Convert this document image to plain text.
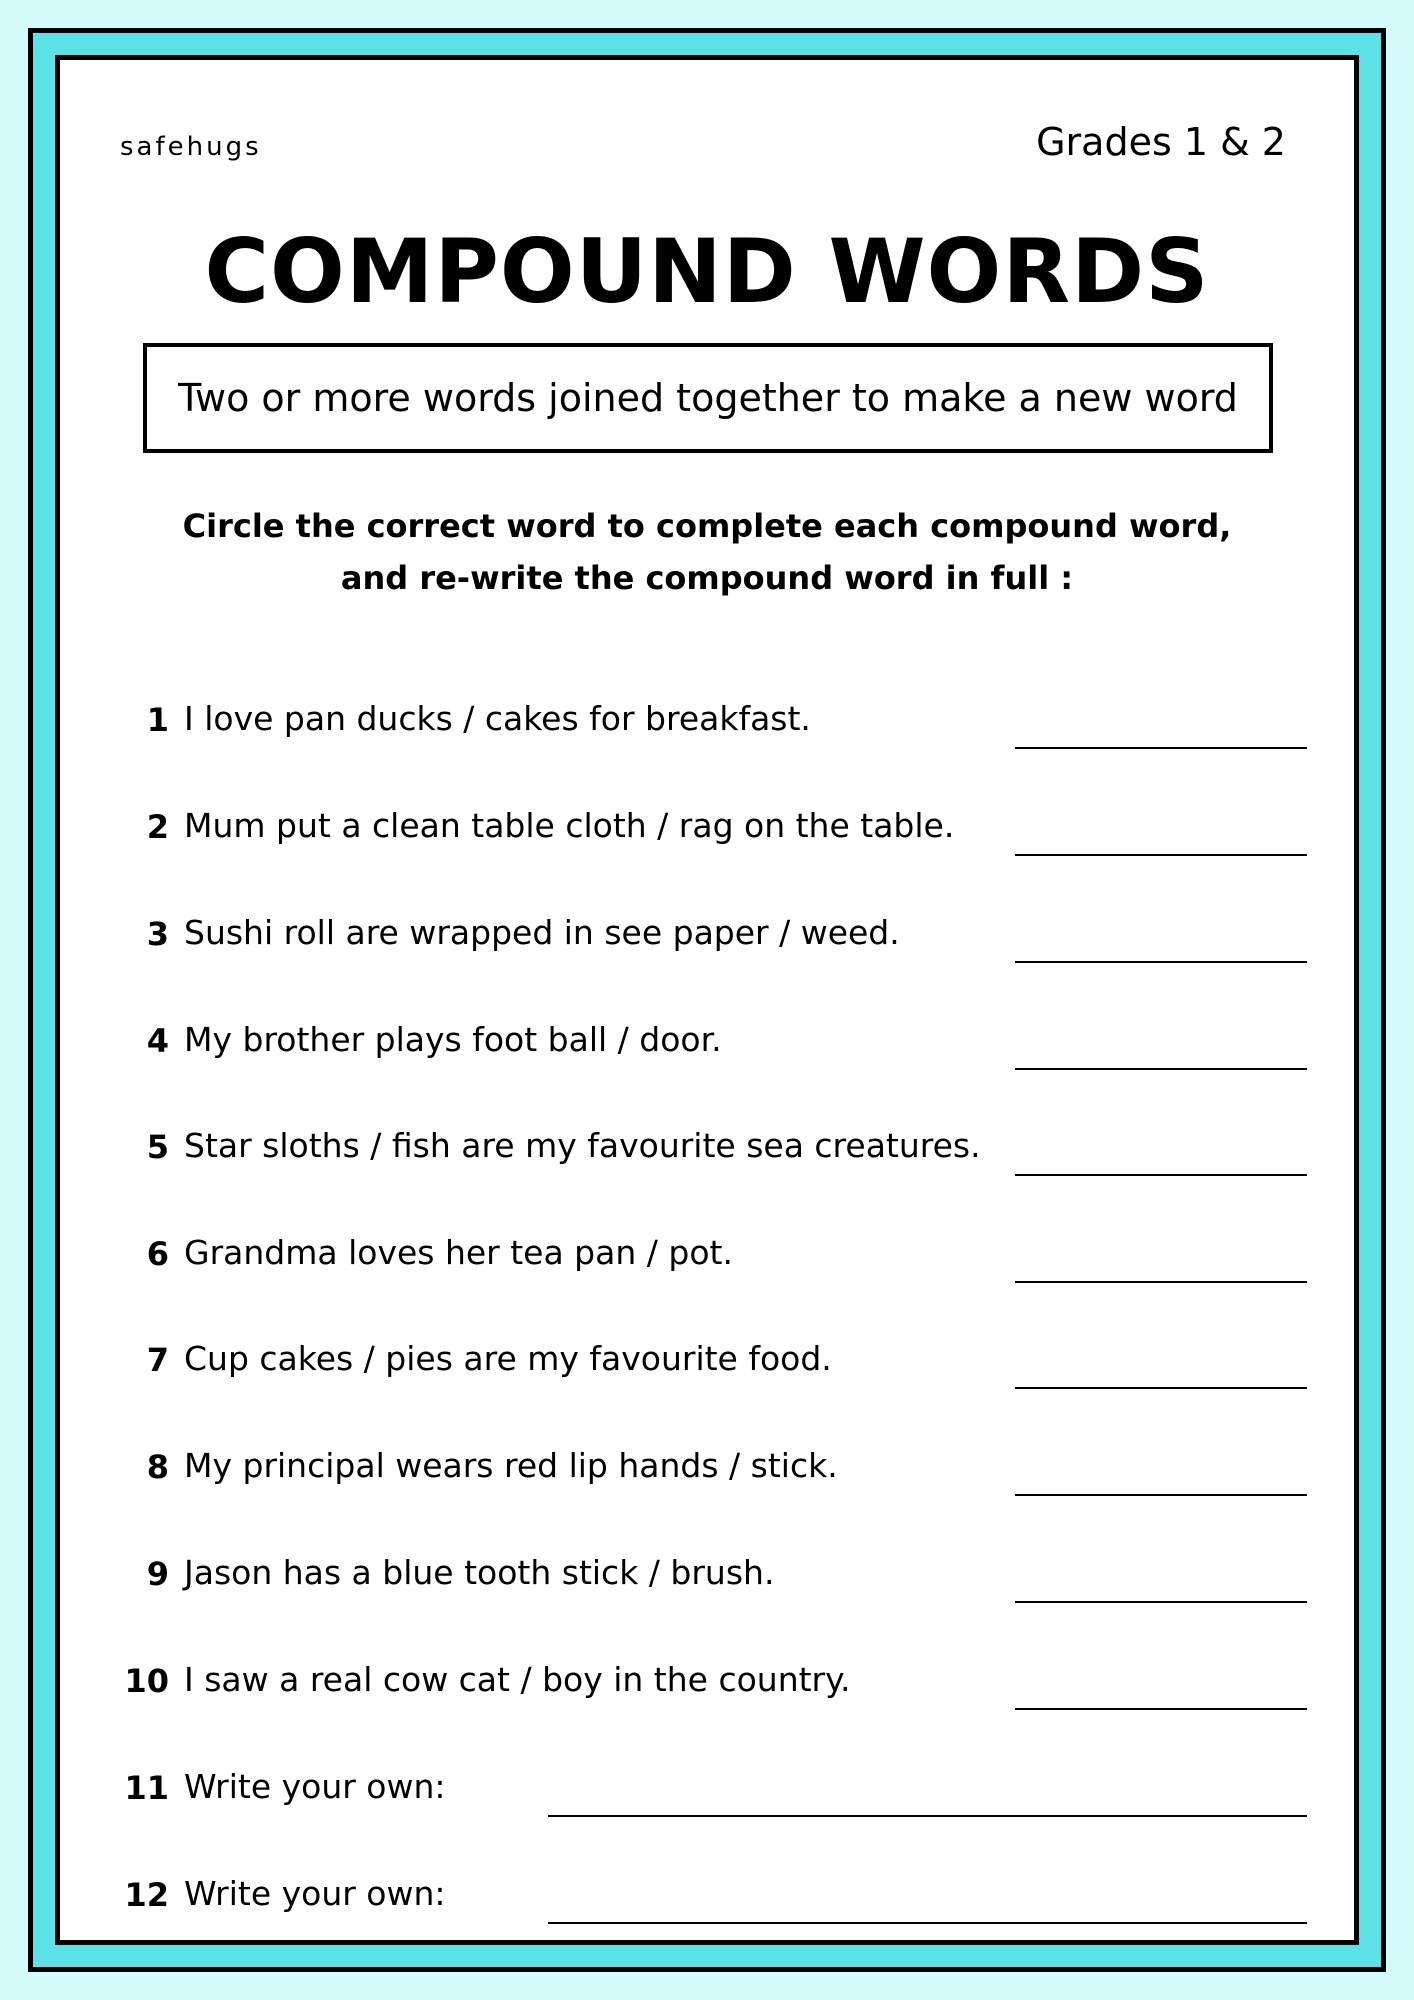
safehugs	Grades 1 & 2
COMPOUND WORDS
Two or more words joined together to make a new word
Circle the correct word to complete each compound word,
and re-write the compound word in full :
1 I love pan ducks / cakes for breakfast.
2 Mum put a clean table cloth / rag on the table.
3 Sushi roll are wrapped in see paper / weed.
4 My brother plays foot ball / door.
5 Star sloths / fish are my favourite sea creatures.
6 Grandma loves her tea pan / pot.
7 Cup cakes / pies are my favourite food.
8 My principal wears red lip hands / stick.
9 Jason has a blue tooth stick / brush.
10 I saw a real cow cat / boy in the country.
11 Write your own:
12 Write your own:
